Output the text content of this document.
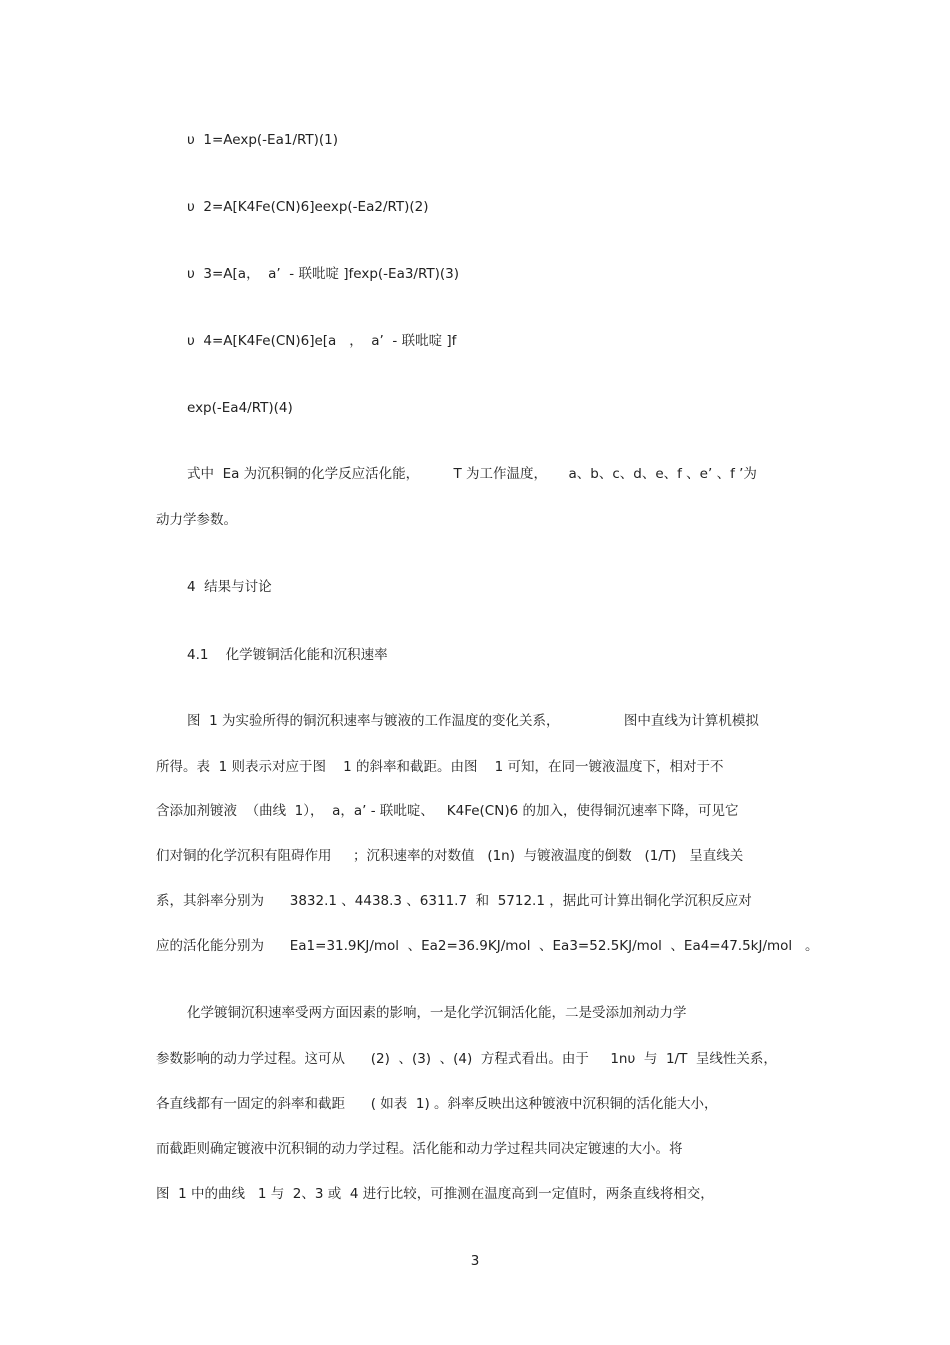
υ  1=Aexp(-Ea1/RT)(1)

υ  2=A[K4Fe(CN)6]eexp(-Ea2/RT)(2)

υ  3=A[a，  a’  - 联吡啶 ]fexp(-Ea3/RT)(3)

υ  4=A[K4Fe(CN)6]e[a   ，  a’  - 联吡啶 ]f

exp(-Ea4/RT)(4)

式中  Ea 为沉积铜的化学反应活化能，        T 为工作温度，     a、b、c、d、e、f 、e’ 、f ’为

动力学参数。

4  结果与讨论

4.1    化学镀铜活化能和沉积速率

图  1 为实验所得的铜沉积速率与镀液的工作温度的变化关系，               图中直线为计算机模拟

所得。表  1 则表示对应于图    1 的斜率和截距。由图    1 可知，在同一镀液温度下，相对于不

含添加剂镀液  （曲线  1），  a，a’ - 联吡啶、   K4Fe(CN)6 的加入，使得铜沉速率下降，可见它

们对铜的化学沉积有阻碍作用     ；沉积速率的对数值   (1n)  与镀液温度的倒数   (1/T)   呈直线关

系，其斜率分别为      3832.1 、4438.3 、6311.7  和  5712.1 ，据此可计算出铜化学沉积反应对

应的活化能分别为      Ea1=31.9KJ/mol  、Ea2=36.9KJ/mol  、Ea3=52.5KJ/mol  、Ea4=47.5kJ/mol   。

化学镀铜沉积速率受两方面因素的影响，一是化学沉铜活化能，二是受添加剂动力学

参数影响的动力学过程。这可从      (2)  、(3)  、(4)  方程式看出。由于     1nυ  与  1/T  呈线性关系，

各直线都有一固定的斜率和截距      ( 如表  1) 。斜率反映出这种镀液中沉积铜的活化能大小，

而截距则确定镀液中沉积铜的动力学过程。活化能和动力学过程共同决定镀速的大小。将

图  1 中的曲线   1 与  2、3 或  4 进行比较，可推测在温度高到一定值时，两条直线将相交，

3
